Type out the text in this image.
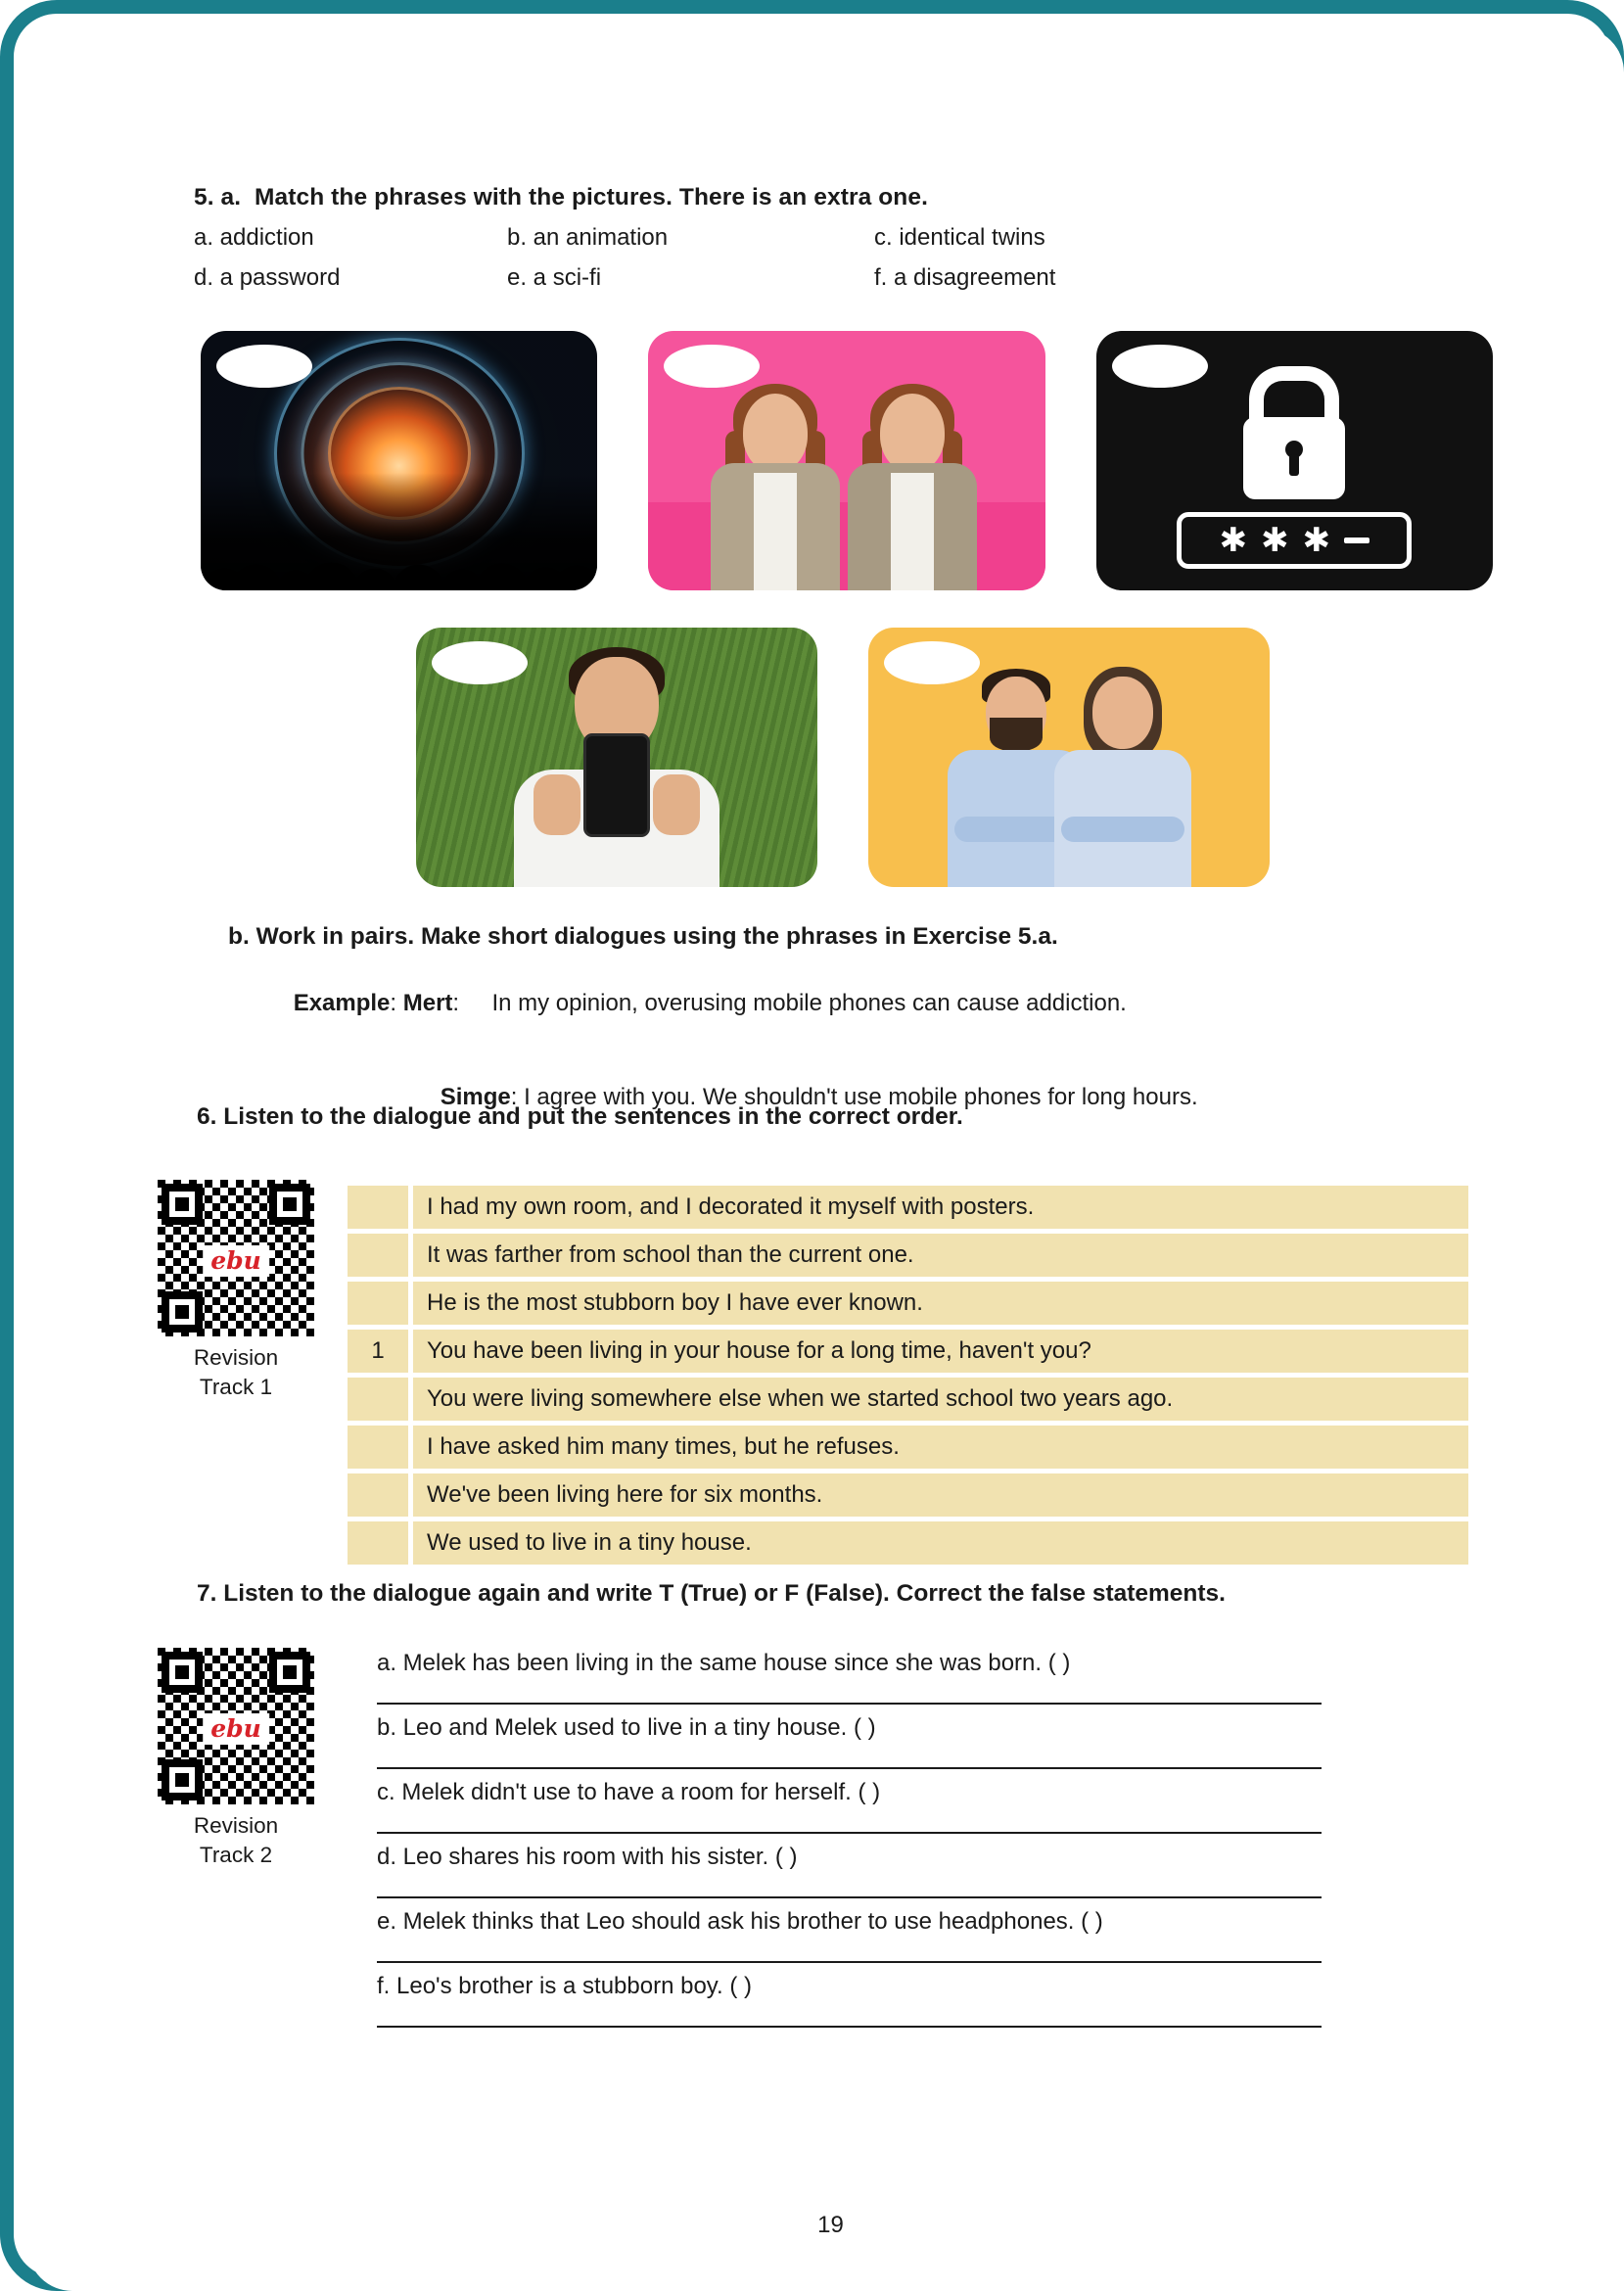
5. a.  Match the phrases with the pictures. There is an extra one.
a. addiction	b. an animation	c. identical twins
d. a password	e. a sci-fi	f. a disagreement
✱ ✱ ✱
b. Work in pairs. Make short dialogues using the phrases in Exercise 5.a.

Example: Mert:     In my opinion, overusing mobile phones can cause addiction.

Simge: I agree with you. We shouldn't use mobile phones for long hours.

6. Listen to the dialogue and put the sentences in the correct order.
ebu
Revision
Track 1
I had my own room, and I decorated it myself with posters.
It was farther from school than the current one.
He is the most stubborn boy I have ever known.
1	You have been living in your house for a long time, haven't you?
You were living somewhere else when we started school two years ago.
I have asked him many times, but he refuses.
We've been living here for six months.
We used to live in a tiny house.
7. Listen to the dialogue again and write T (True) or F (False). Correct the false statements.
ebu
Revision
Track 2
a. Melek has been living in the same house since she was born. ( )
b. Leo and Melek used to live in a tiny house. ( )
c. Melek didn't use to have a room for herself. ( )
d. Leo shares his room with his sister. ( )
e. Melek thinks that Leo should ask his brother to use headphones. ( )
f. Leo's brother is a stubborn boy. ( )
19
